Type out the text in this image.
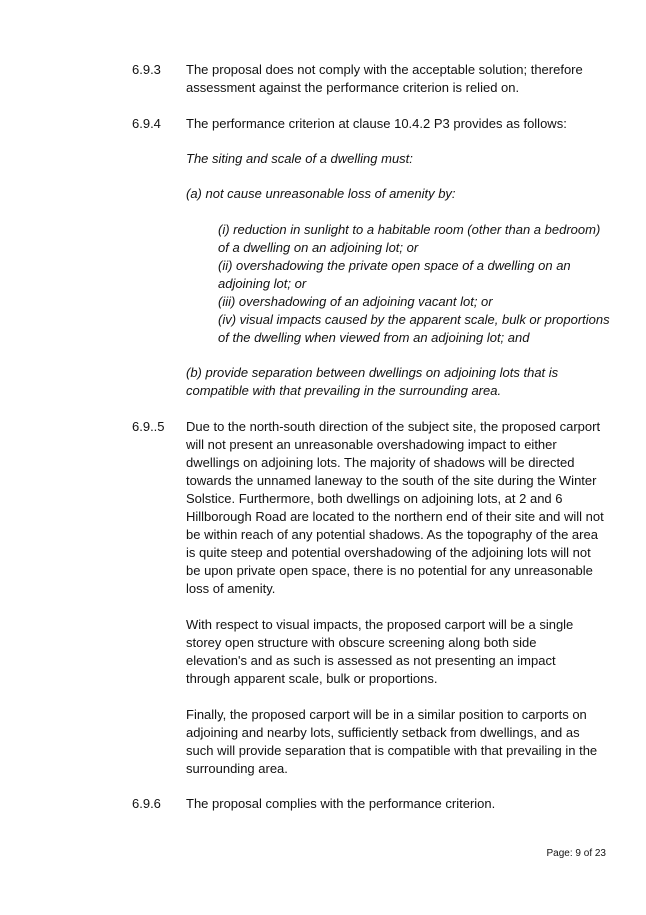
6.9.3 The proposal does not comply with the acceptable solution; therefore assessment against the performance criterion is relied on.

6.9.4 The performance criterion at clause 10.4.2 P3 provides as follows:

The siting and scale of a dwelling must:

(a) not cause unreasonable loss of amenity by:

(i) reduction in sunlight to a habitable room (other than a bedroom) of a dwelling on an adjoining lot; or
(ii) overshadowing the private open space of a dwelling on an adjoining lot; or
(iii) overshadowing of an adjoining vacant lot; or
(iv) visual impacts caused by the apparent scale, bulk or proportions of the dwelling when viewed from an adjoining lot; and

(b) provide separation between dwellings on adjoining lots that is compatible with that prevailing in the surrounding area.

6.9..5 Due to the north-south direction of the subject site, the proposed carport will not present an unreasonable overshadowing impact to either dwellings on adjoining lots. The majority of shadows will be directed towards the unnamed laneway to the south of the site during the Winter Solstice. Furthermore, both dwellings on adjoining lots, at 2 and 6 Hillborough Road are located to the northern end of their site and will not be within reach of any potential shadows. As the topography of the area is quite steep and potential overshadowing of the adjoining lots will not be upon private open space, there is no potential for any unreasonable loss of amenity.

With respect to visual impacts, the proposed carport will be a single storey open structure with obscure screening along both side elevation's and as such is assessed as not presenting an impact through apparent scale, bulk or proportions.

Finally, the proposed carport will be in a similar position to carports on adjoining and nearby lots, sufficiently setback from dwellings, and as such will provide separation that is compatible with that prevailing in the surrounding area.

6.9.6 The proposal complies with the performance criterion.

Page: 9 of 23
